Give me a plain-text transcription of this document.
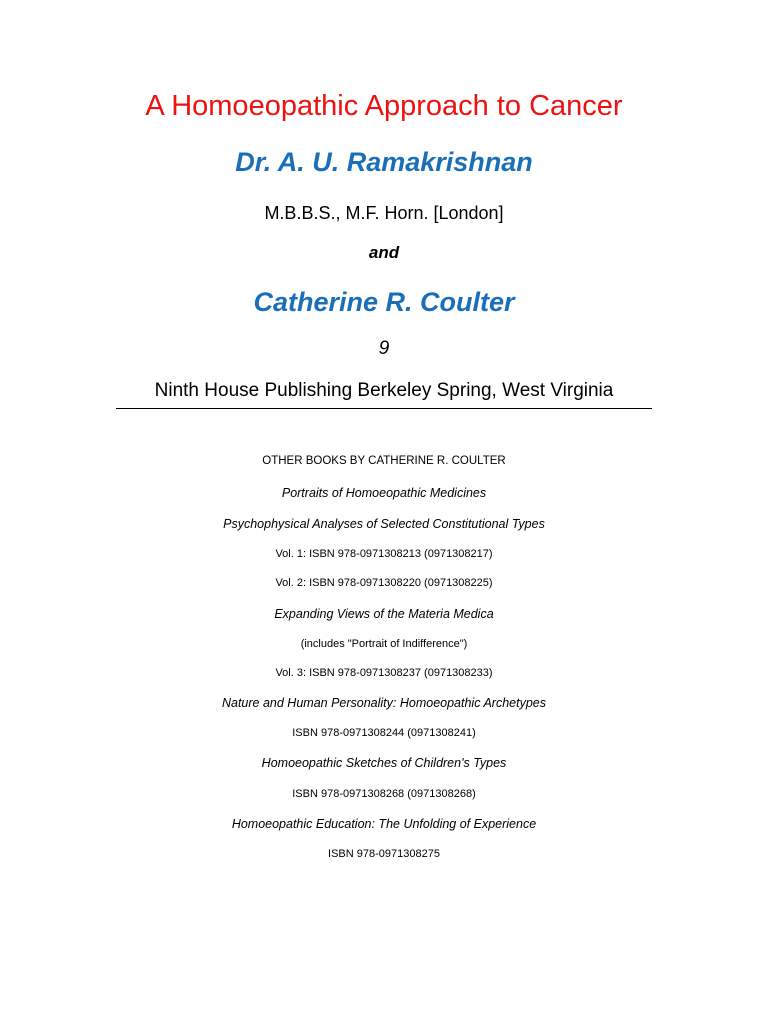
A Homoeopathic Approach to Cancer
Dr. A. U. Ramakrishnan
M.B.B.S., M.F. Horn. [London]
and
Catherine R. Coulter
9
Ninth House Publishing Berkeley Spring, West Virginia
OTHER BOOKS BY CATHERINE R. COULTER
Portraits of Homoeopathic Medicines
Psychophysical Analyses of Selected Constitutional Types
Vol. 1: ISBN 978-0971308213 (0971308217)
Vol. 2: ISBN 978-0971308220 (0971308225)
Expanding Views of the Materia Medica
(includes "Portrait of Indifference")
Vol. 3: ISBN 978-0971308237 (0971308233)
Nature and Human Personality: Homoeopathic Archetypes
ISBN 978-0971308244 (0971308241)
Homoeopathic Sketches of Children's Types
ISBN 978-0971308268 (0971308268)
Homoeopathic Education: The Unfolding of Experience
ISBN 978-0971308275
